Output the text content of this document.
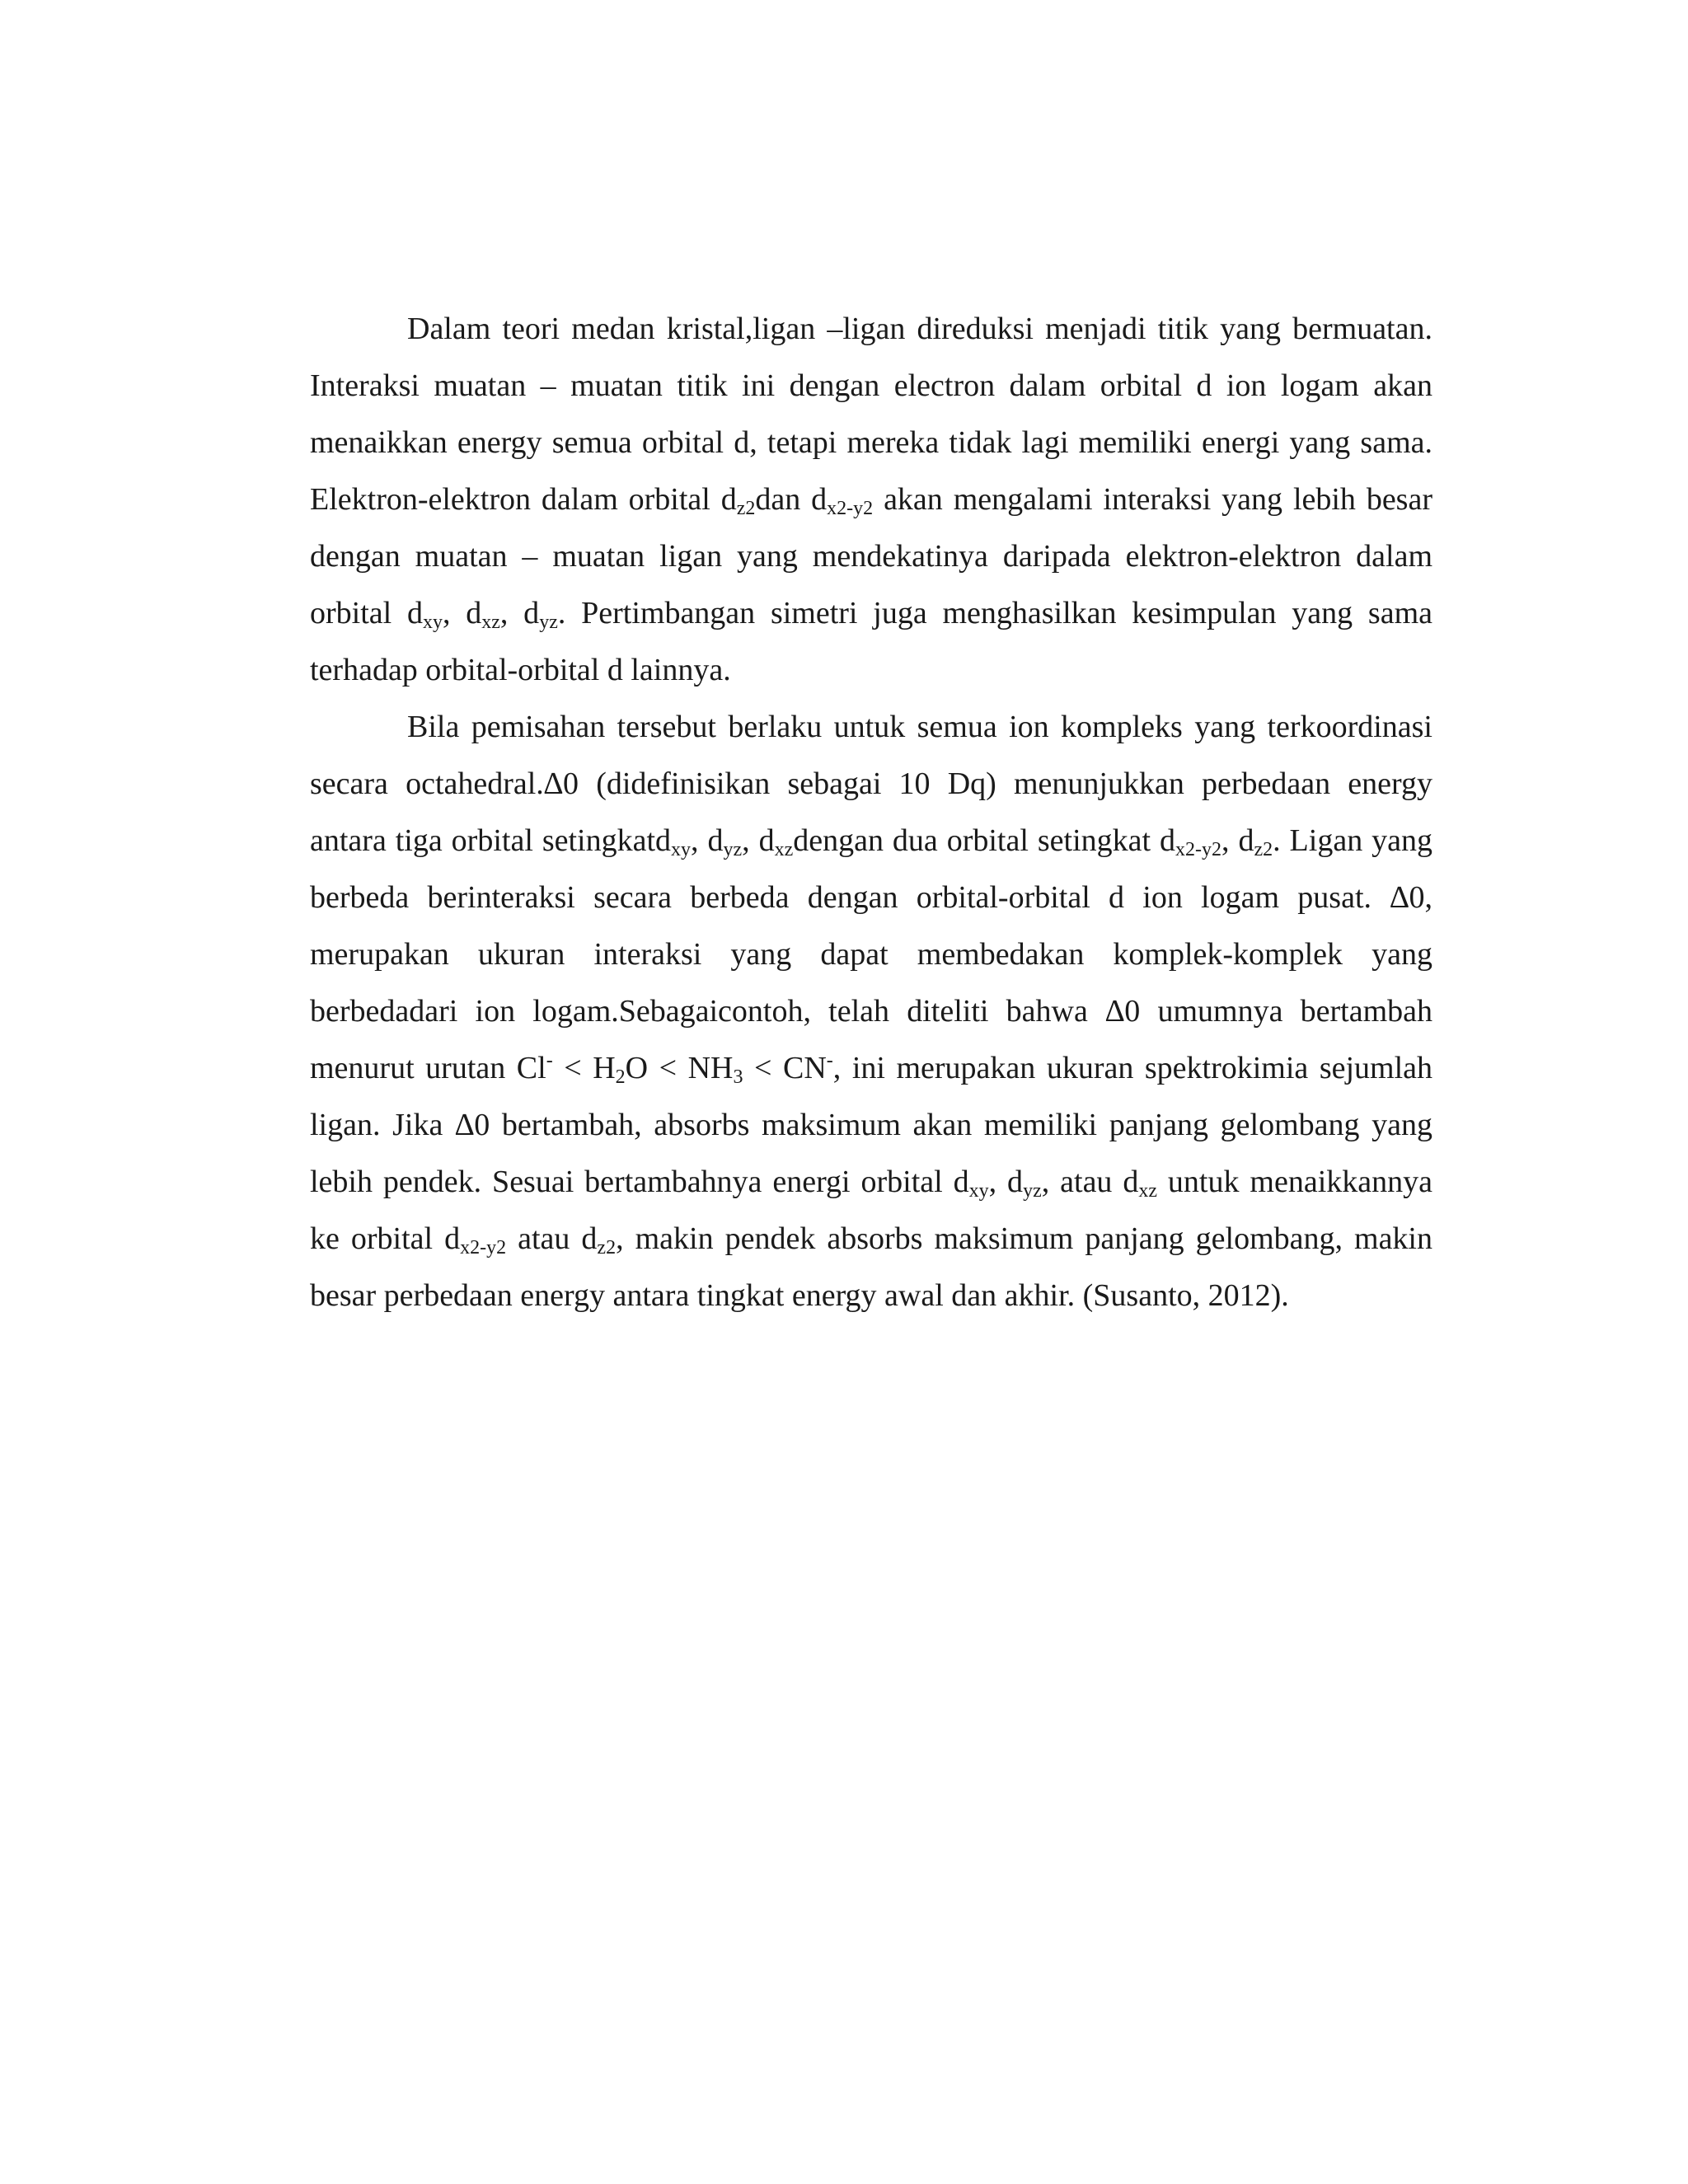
Dalam teori medan kristal,ligan –ligan direduksi menjadi titik yang bermuatan. Interaksi muatan – muatan titik ini dengan electron dalam orbital d ion logam akan menaikkan energy semua orbital d, tetapi mereka tidak lagi memiliki energi yang sama. Elektron-elektron dalam orbital $d_{z2}dan$ $d_{x2-y2}$ akan mengalami interaksi yang lebih besar dengan muatan – muatan ligan yang mendekatinya daripada elektron-elektron dalam orbital $d_{xy}$, $d_{xz}$, $d_{yz}$. Pertimbangan simetri juga menghasilkan kesimpulan yang sama terhadap orbital-orbital d lainnya.

Bila pemisahan tersebut berlaku untuk semua ion kompleks yang terkoordinasi secara octahedral.∆0 (didefinisikan sebagai 10 Dq) menunjukkan perbedaan energy antara tiga orbital setingkatd$_{xy}$, $d_{yz}$, $d_{xz}dengan$ dua orbital setingkat $d_{x2-y2}$, $d_{z2}$. Ligan yang berbeda berinteraksi secara berbeda dengan orbital-orbital d ion logam pusat. ∆0, merupakan ukuran interaksi yang dapat membedakan komplek-komplek yang berbedadari ion logam.Sebagaicontoh, telah diteliti bahwa ∆0 umumnya bertambah menurut urutan $Cl^- < H_2O < NH_3 < CN^-$, ini merupakan ukuran spektrokimia sejumlah ligan. Jika ∆0 bertambah, absorbs maksimum akan memiliki panjang gelombang yang lebih pendek. Sesuai bertambahnya energi orbital $d_{xy}$, $d_{yz}$, atau $d_{xz}$ untuk menaikkannya ke orbital $d_{x2-y2}$ atau $d_{z2}$, makin pendek absorbs maksimum panjang gelombang, makin besar perbedaan energy antara tingkat energy awal dan akhir. (Susanto, 2012).
